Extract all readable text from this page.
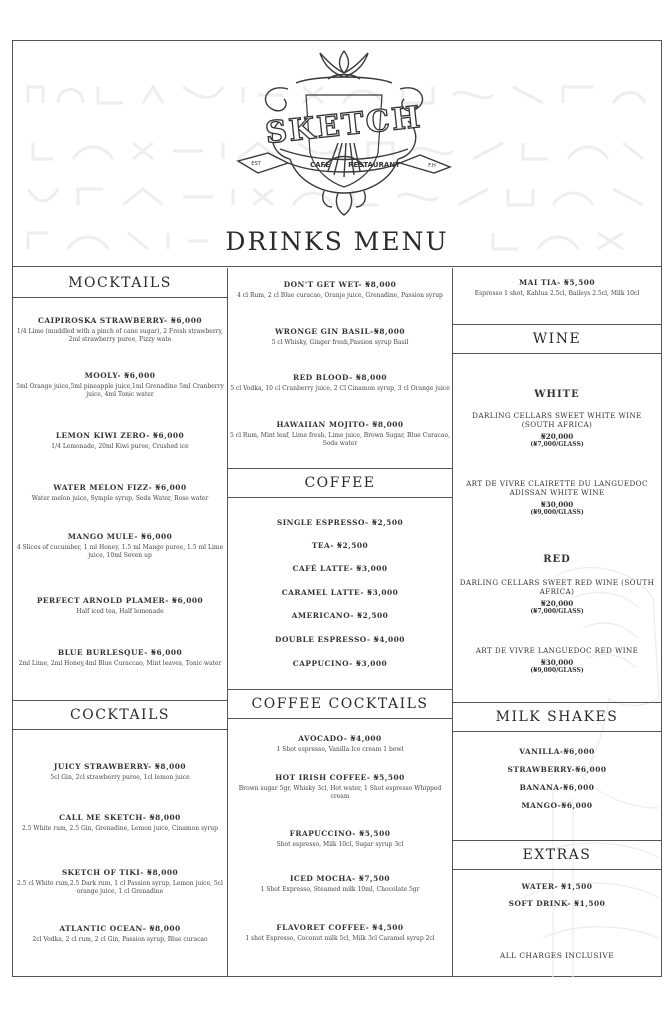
SKETCH
CAFE	RESTAURANT
EST	F.H
DRINKS MENU
MOCKTAILS
CAIPIROSKA STRAWBERRY- ₦6,000
1/4 Lime (muddled with a pinch of cane sugar), 2 Fresh strawberry, 2ml strawberry puree, Fizzy wate
MOOLY- ₦6,000
5ml Orange juice,5ml pineapple juice,1ml Grenadine 5ml Cranberry juice, 4ml Tonic water
LEMON KIWI ZERO- ₦6,000
1/4 Lemonade, 20ml Kiwi puree, Crushed ice
WATER MELON FIZZ- ₦6,000
Water melon juice, Symple syrup, Soda Water, Rose water
MANGO MULE- ₦6,000
4 Slices of cucumber, 1 ml Honey, 1.5 ml Mango puree, 1.5 ml Lime juice, 10ml Seven up
PERFECT ARNOLD PLAMER- ₦6,000
Half iced tea, Half lemonade
BLUE BURLESQUE- ₦6,000
2ml Lime, 2ml Honey,4ml Blue Curaccao, Mint leaves, Tonic water
COCKTAILS
JUICY STRAWBERRY- ₦8,000
5cl Gin, 2cl strawberry puree, 1cl lemon juice
CALL ME SKETCH- ₦8,000
2.5 White rum, 2.5 Gin, Grenadine, Lemon juice, Cinamon syrup
SKETCH OF TIKI- ₦8,000
2.5 cl White rum,2.5 Dark rum, 1 cl Passion syrup, Lemon juice, 5cl orange juice, 1 cl Grenadine
ATLANTIC OCEAN- ₦8,000
2cl Vodka, 2 cl rum, 2 cl Gin, Passion syrup, Blue curacao
DON'T GET WET- ₦8,000
4 cl Rum, 2 cl Blue curacao, Oranje juice, Grenadine, Passion syrup
WRONGE GIN BASIL-₦8,000
5 cl Whisky, Ginger fresh,Passion syrup Basil
RED BLOOD- ₦8,000
5 cl Vodka, 10 cl Cranberry juice, 2 Cl Cinamon syrup, 3 cl Orange juice
HAWAIIAN MOJITO- ₦8,000
5 cl Rum, Mint leaf, Lime fresh, Lime juice, Brown Sugar, Blue Curacao, Soda water
COFFEE
SINGLE ESPRESSO- ₦2,500
TEA- ₦2,500
CAFÉ LATTE- ₦3,000
CARAMEL LATTE- ₦3,000
AMERICANO- ₦2,500
DOUBLE ESPRESSO- ₦4,000
CAPPUCINO- ₦3,000
COFFEE COCKTAILS
AVOCADO- ₦4,000
1 Shot espresso, Vanilla Ice cream 1 bowl
HOT IRISH COFFEE- ₦5,500
Brown sugar 5gr, Whisky 3cl, Hot water, 1 Shot espresso Whipped cream
FRAPUCCINO- ₦5,500
Shot espresso, Milk 10cl, Sugar syrup 3cl
ICED MOCHA- ₦7,500
1 Shot Expresso, Steamed milk 10ml, Chocolate 5gr
FLAVORET COFFEE- ₦4,500
1 shot Espresso, Coconut milk 5cl, Milk 3cl Caramel syrup 2cl
MAI TIA- ₦5,500
Espresso 1 shot, Kahlua 2.5cl, Baileys 2.5cl, Milk 10cl
WINE
WHITE
DARLING CELLARS SWEET WHITE WINE (SOUTH AFRICA)
₦20,000
(₦7,000/GLASS)
ART DE VIVRE CLAIRETTE DU LANGUEDOC ADISSAN WHITE WINE
₦30,000
(₦9,000/GLASS)
RED
DARLING CELLARS SWEET RED WINE (SOUTH AFRICA)
₦20,000
(₦7,000/GLASS)
ART DE VIVRE LANGUEDOC RED WINE
₦30,000
(₦9,000/GLASS)
MILK SHAKES
VANILLA-₦6,000
STRAWBERRY-₦6,000
BANANA-₦6,000
MANGO-₦6,000
EXTRAS
WATER- ₦1,500
SOFT DRINK- ₦1,500
ALL CHARGES INCLUSIVE
